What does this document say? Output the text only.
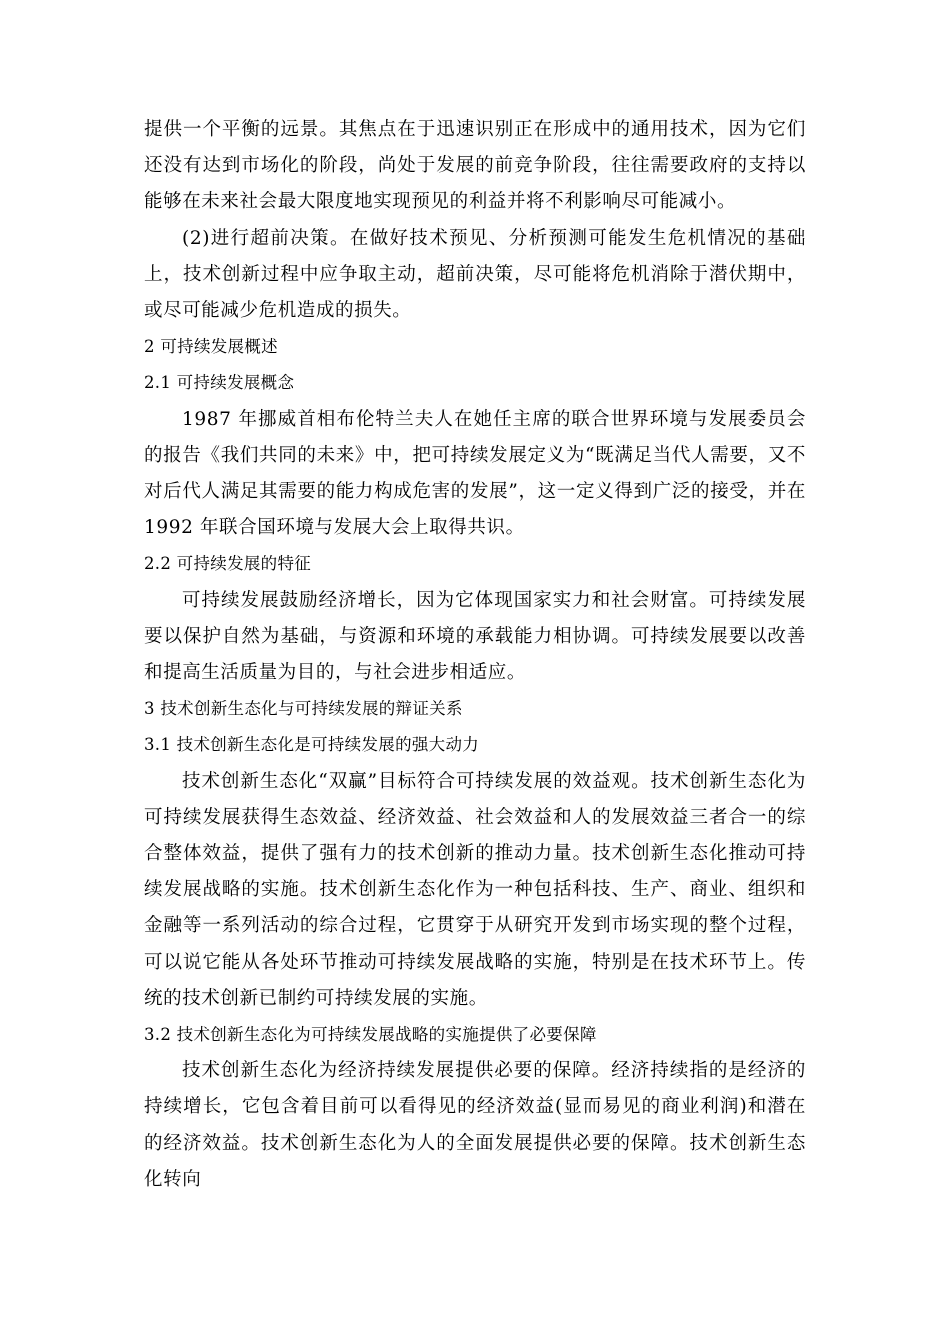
提供一个平衡的远景。其焦点在于迅速识别正在形成中的通用技术，因为它们还没有达到市场化的阶段，尚处于发展的前竞争阶段，往往需要政府的支持以能够在未来社会最大限度地实现预见的利益并将不利影响尽可能减小。

(2)进行超前决策。在做好技术预见、分析预测可能发生危机情况的基础上，技术创新过程中应争取主动，超前决策，尽可能将危机消除于潜伏期中，或尽可能减少危机造成的损失。

2 可持续发展概述

2.1 可持续发展概念

1987 年挪威首相布伦特兰夫人在她任主席的联合世界环境与发展委员会的报告《我们共同的未来》中，把可持续发展定义为“既满足当代人需要，又不对后代人满足其需要的能力构成危害的发展”，这一定义得到广泛的接受，并在 1992 年联合国环境与发展大会上取得共识。

2.2 可持续发展的特征

可持续发展鼓励经济增长，因为它体现国家实力和社会财富。可持续发展要以保护自然为基础，与资源和环境的承载能力相协调。可持续发展要以改善和提高生活质量为目的，与社会进步相适应。

3 技术创新生态化与可持续发展的辩证关系

3.1 技术创新生态化是可持续发展的强大动力

技术创新生态化“双赢”目标符合可持续发展的效益观。技术创新生态化为可持续发展获得生态效益、经济效益、社会效益和人的发展效益三者合一的综合整体效益，提供了强有力的技术创新的推动力量。技术创新生态化推动可持续发展战略的实施。技术创新生态化作为一种包括科技、生产、商业、组织和金融等一系列活动的综合过程，它贯穿于从研究开发到市场实现的整个过程，可以说它能从各处环节推动可持续发展战略的实施，特别是在技术环节上。传统的技术创新已制约可持续发展的实施。

3.2 技术创新生态化为可持续发展战略的实施提供了必要保障

技术创新生态化为经济持续发展提供必要的保障。经济持续指的是经济的持续增长，它包含着目前可以看得见的经济效益(显而易见的商业利润)和潜在的经济效益。技术创新生态化为人的全面发展提供必要的保障。技术创新生态化转向
